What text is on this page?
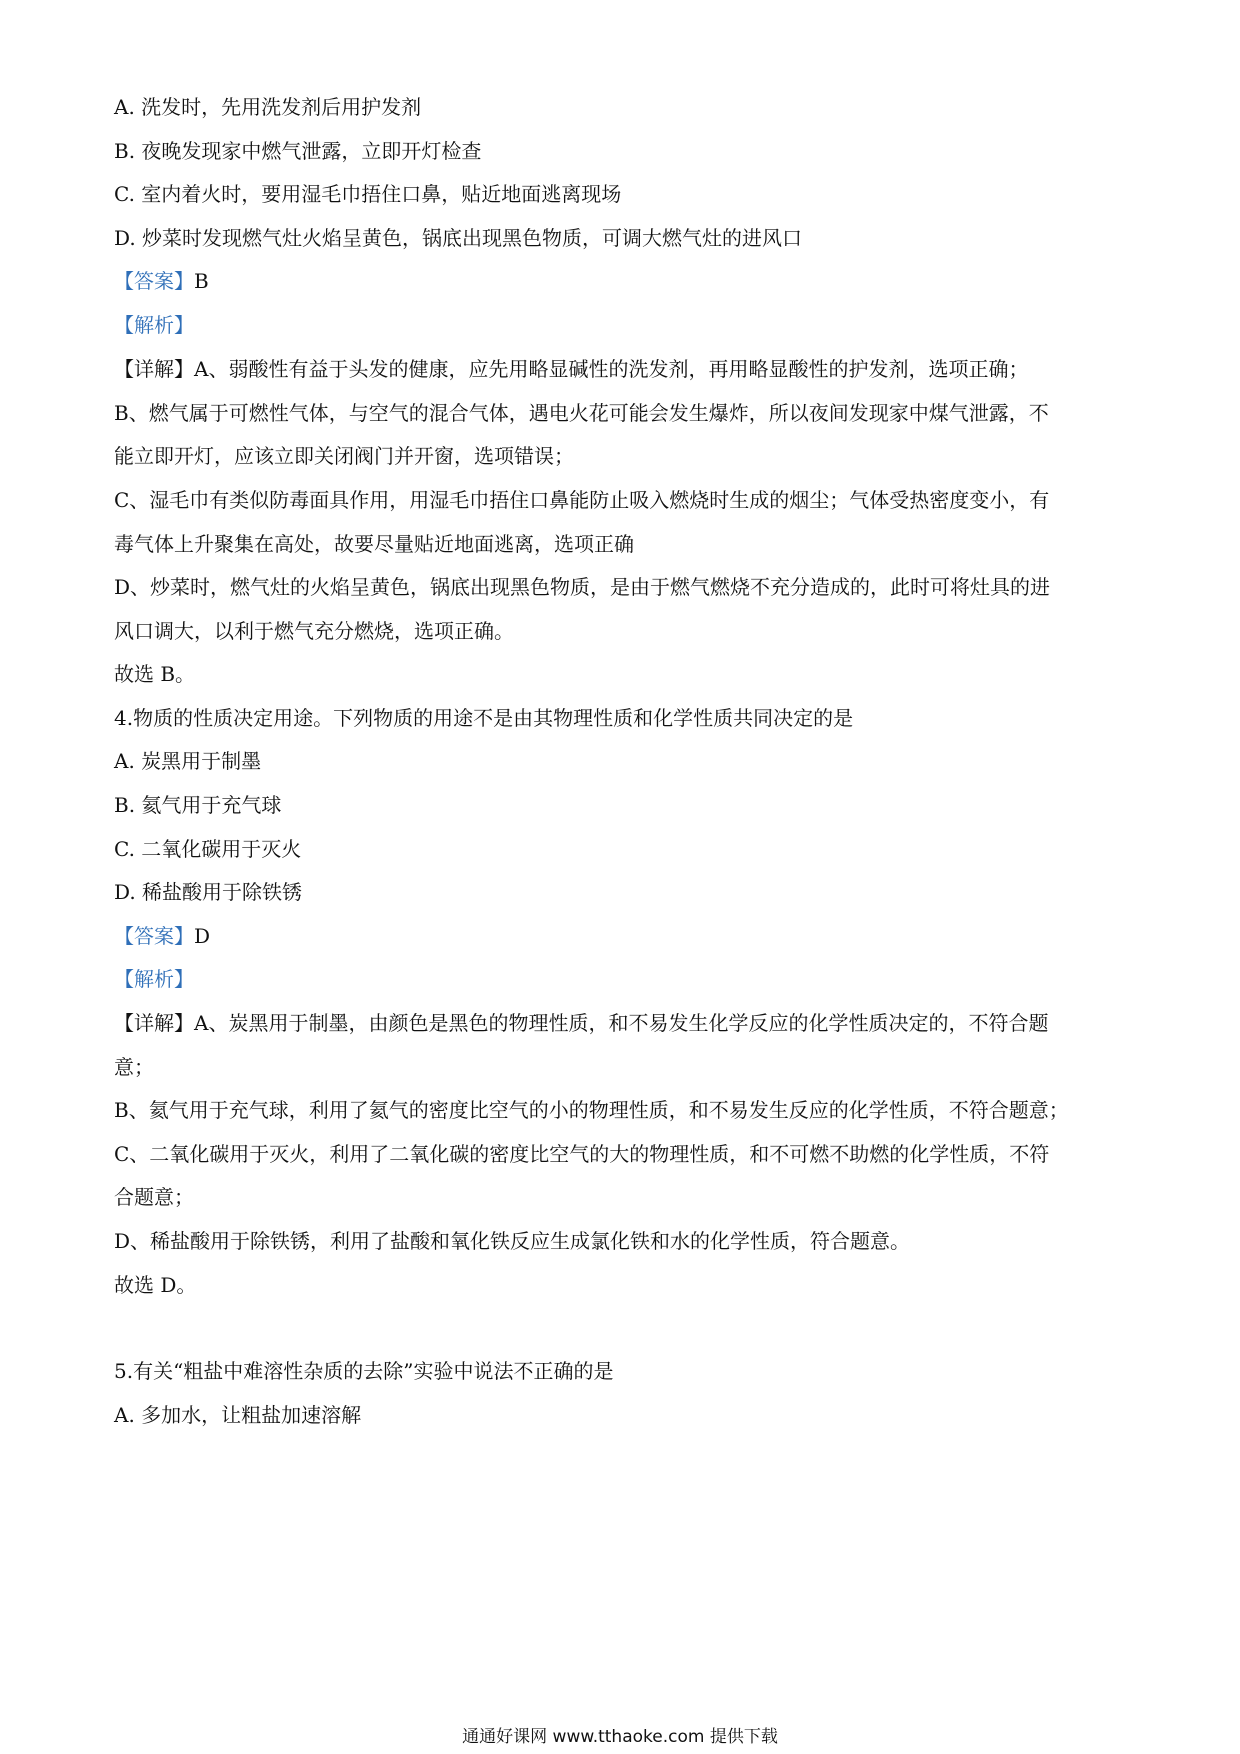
A. 洗发时，先用洗发剂后用护发剂
B. 夜晚发现家中燃气泄露，立即开灯检查
C. 室内着火时，要用湿毛巾捂住口鼻，贴近地面逃离现场
D. 炒菜时发现燃气灶火焰呈黄色，锅底出现黑色物质，可调大燃气灶的进风口
【答案】B
【解析】
【详解】A、弱酸性有益于头发的健康，应先用略显碱性的洗发剂，再用略显酸性的护发剂，选项正确；
B、燃气属于可燃性气体，与空气的混合气体，遇电火花可能会发生爆炸，所以夜间发现家中煤气泄露，不
能立即开灯，应该立即关闭阀门并开窗，选项错误；
C、湿毛巾有类似防毒面具作用，用湿毛巾捂住口鼻能防止吸入燃烧时生成的烟尘；气体受热密度变小，有
毒气体上升聚集在高处，故要尽量贴近地面逃离，选项正确
D、炒菜时，燃气灶的火焰呈黄色，锅底出现黑色物质，是由于燃气燃烧不充分造成的，此时可将灶具的进
风口调大，以利于燃气充分燃烧，选项正确。
故选 B。
4.物质的性质决定用途。下列物质的用途不是由其物理性质和化学性质共同决定的是
A. 炭黑用于制墨
B. 氦气用于充气球
C. 二氧化碳用于灭火
D. 稀盐酸用于除铁锈
【答案】D
【解析】
【详解】A、炭黑用于制墨，由颜色是黑色的物理性质，和不易发生化学反应的化学性质决定的，不符合题
意；
B、氦气用于充气球，利用了氦气的密度比空气的小的物理性质，和不易发生反应的化学性质，不符合题意；
C、二氧化碳用于灭火，利用了二氧化碳的密度比空气的大的物理性质，和不可燃不助燃的化学性质，不符
合题意；
D、稀盐酸用于除铁锈，利用了盐酸和氧化铁反应生成氯化铁和水的化学性质，符合题意。
故选 D。
5.有关“粗盐中难溶性杂质的去除”实验中说法不正确的是
A. 多加水，让粗盐加速溶解
通通好课网 www.tthaoke.com 提供下载
